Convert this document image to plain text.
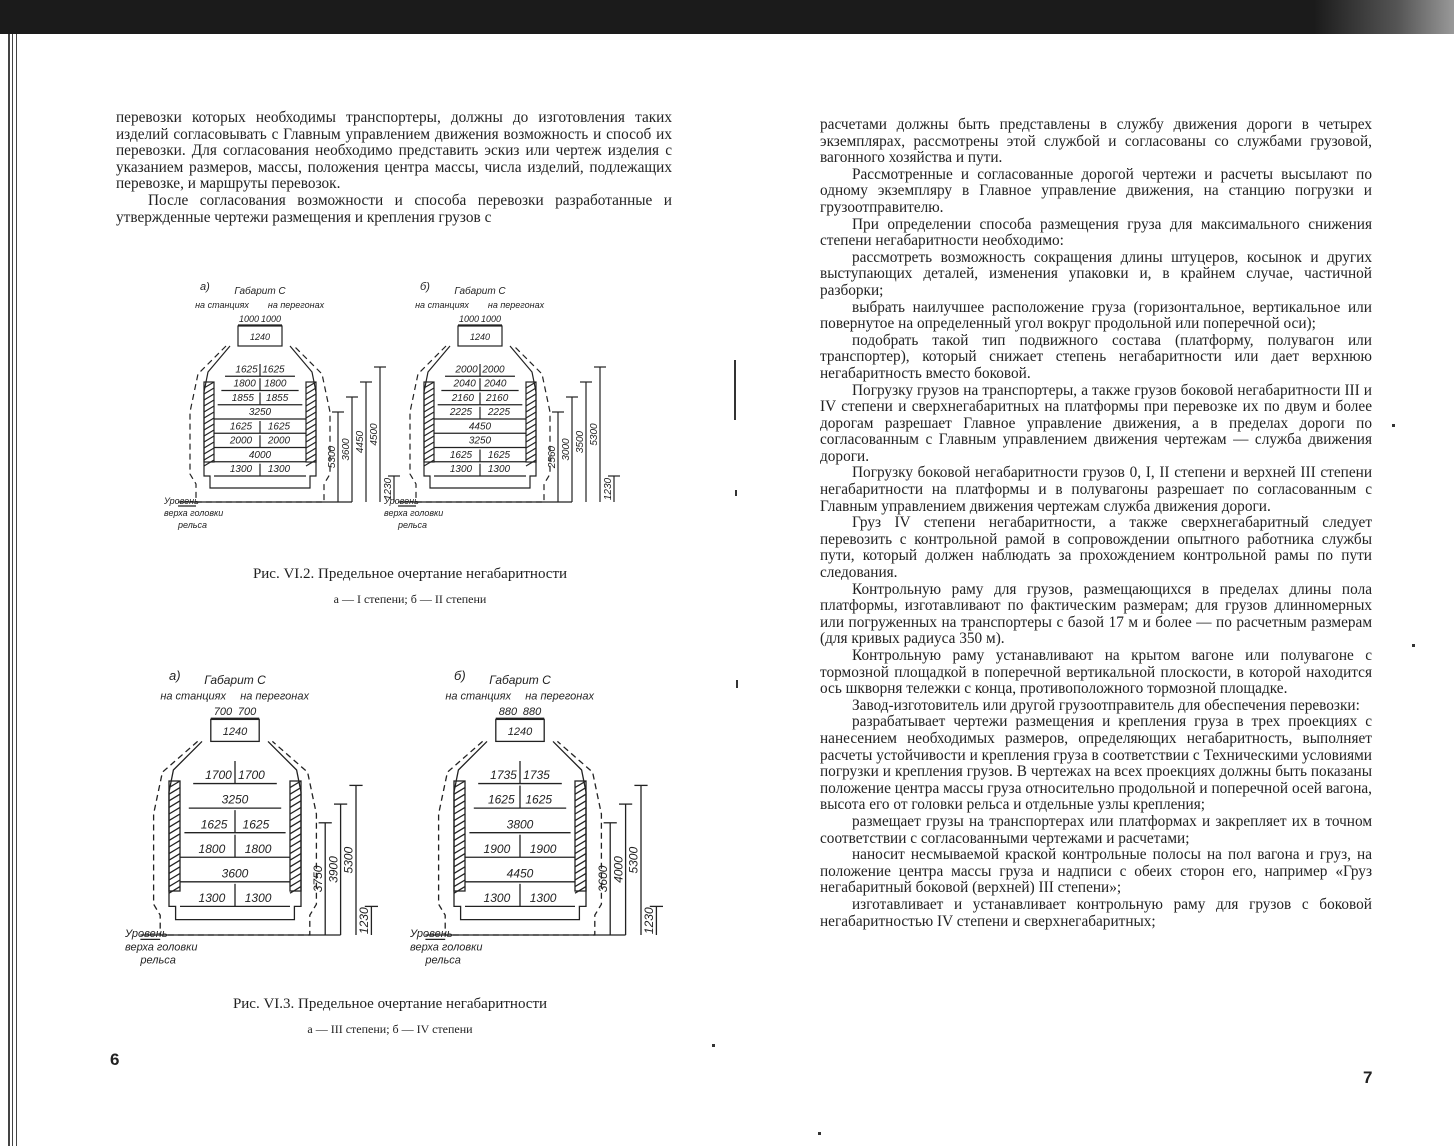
перевозки которых необходимы транспортеры, должны до изготовления таких изделий согласовывать с Главным управлением движения возможность и способ их перевозки. Для согласования необходимо представить эскиз или чертеж изделия с указанием размеров, массы, положения центра массы, числа изделий, подлежащих перевозке, и маршруты перевозок.

После согласования возможности и способа перевозки разработанные и утвержденные чертежи размещения и крепления грузов с

а) Габарит С
на станциях на перегонах
1000 1000
1240
1625 1625
1800 1800
1855 1855
3250
1625 1625
2000 2000
4000
1300 1300
5300 3600 4450 4500
1230
Уровень
верха головки
рельса
б) Габарит С
на станциях на перегонах
1000 1000
1240
2000 2000
2040 2040
2160 2160
2225 2225
4450
3250
1625 1625
1300 1300
2560 3000 3500 5300
1230
Уровень
верха головки
рельса
Рис. VI.2. Предельное очертание негабаритности
а — I степени; б — II степени
а) Габарит С
на станциях на перегонах
700 700
1240
1700 1700
3250
1625 1625
1800 1800
3600
1300 1300
3750 3900 5300
1230
Уровень
верха головки
рельса
б) Габарит С
на станциях на перегонах
880 880
1240
1735 1735
1625 1625
3800
1900 1900
4450
1300 1300
3600 4000 5300
1230
Уровень
верха головки
рельса
Рис. VI.3. Предельное очертание негабаритности
а — III степени; б — IV степени
6

расчетами должны быть представлены в службу движения дороги в четырех экземплярах, рассмотрены этой службой и согласованы со службами грузовой, вагонного хозяйства и пути.

Рассмотренные и согласованные дорогой чертежи и расчеты высылают по одному экземпляру в Главное управление движения, на станцию погрузки и грузоотправителю.

При определении способа размещения груза для максимального снижения степени негабаритности необходимо:

рассмотреть возможность сокращения длины штуцеров, косынок и других выступающих деталей, изменения упаковки и, в крайнем случае, частичной разборки;

выбрать наилучшее расположение груза (горизонтальное, вертикальное или повернутое на определенный угол вокруг продольной или поперечной оси);

подобрать такой тип подвижного состава (платформу, полувагон или транспортер), который снижает степень негабаритности или дает верхнюю негабаритность вместо боковой.

Погрузку грузов на транспортеры, а также грузов боковой негабаритности III и IV степени и сверхнегабаритных на платформы при перевозке их по двум и более дорогам разрешает Главное управление движения, а в пределах дороги по согласованным с Главным управлением движения чертежам — служба движения дороги.

Погрузку боковой негабаритности грузов 0, I, II степени и верхней III степени негабаритности на платформы и в полувагоны разрешает по согласованным с Главным управлением движения чертежам служба движения дороги.

Груз IV степени негабаритности, а также сверхнегабаритный следует перевозить с контрольной рамой в сопровождении опытного работника службы пути, который должен наблюдать за прохождением контрольной рамы по пути следования.

Контрольную раму для грузов, размещающихся в пределах длины пола платформы, изготавливают по фактическим размерам; для грузов длинномерных или погруженных на транспортеры с базой 17 м и более — по расчетным размерам (для кривых радиуса 350 м).

Контрольную раму устанавливают на крытом вагоне или полувагоне с тормозной площадкой в поперечной вертикальной плоскости, в которой находится ось шкворня тележки с конца, противоположного тормозной площадке.

Завод-изготовитель или другой грузоотправитель для обеспечения перевозки:

разрабатывает чертежи размещения и крепления груза в трех проекциях с нанесением необходимых размеров, определяющих негабаритность, выполняет расчеты устойчивости и крепления груза в соответствии с Техническими условиями погрузки и крепления грузов. В чертежах на всех проекциях должны быть показаны положение центра массы груза относительно продольной и поперечной осей вагона, высота его от головки рельса и отдельные узлы крепления;

размещает грузы на транспортерах или платформах и закрепляет их в точном соответствии с согласованными чертежами и расчетами;

наносит несмываемой краской контрольные полосы на пол вагона и груз, на положение центра массы груза и надписи с обеих сторон его, например «Груз негабаритный боковой (верхней) III степени»;

изготавливает и устанавливает контрольную раму для грузов с боковой негабаритностью IV степени и сверхнегабаритных;

7
